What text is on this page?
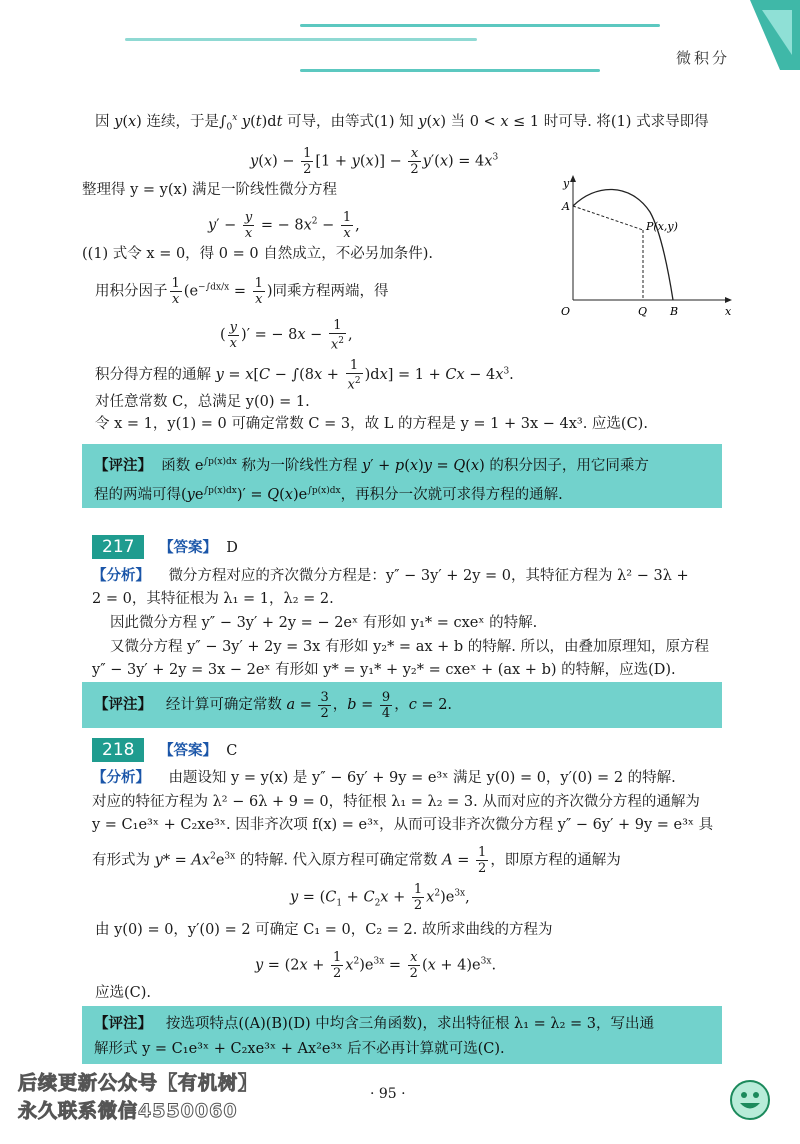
微积分
因 y(x) 连续，于是$\int_0^x$ y(t)dt 可导，由等式(1) 知 y(x) 当 0 < x ≤ 1 时可导. 将(1) 式求导即得
$y(x) - \frac{1}{2} [1 + y(x)] - \frac{x}{2} y'(x) = 4x^3$
整理得 y = y(x) 满足一阶线性微分方程
$y' - \frac{y}{x}$ = − $8x^2 - \frac{1}{x}$ ,
((1) 式令 x = 0，得 0 = 0 自然成立，不必另加条件).
用积分因子 $\frac{1}{x} (e^{-\int dx/x} = \frac{1}{x}$ )同乘方程两端，得
( $\frac{y}{x}$ )′ = − $8x - \frac{1}{x^2}$ ,
积分得方程的通解 $y = x[C - \int(8x + \frac{1}{x^2} )dx] = 1 + Cx - 4x^3$.
对任意常数 C，总满足 y(0) = 1.
令 x = 1，y(1) = 0 可确定常数 C = 3，故 L 的方程是 y = 1 + 3x − 4x³. 应选(C).
y
x
O
A
P(x,y)
Q B
【评注】  函数 $e^{\int p(x)dx}$ 称为一阶线性方程 y′ + p(x)y = Q(x) 的积分因子，用它同乘方
程的两端可得$(ye^{\int p(x)dx})' = Q(x)e^{\int p(x)dx}$，再积分一次就可求得方程的通解.
217 【答案】 D
【分析】 微分方程对应的齐次微分方程是：y″ − 3y′ + 2y = 0，其特征方程为 λ² − 3λ +
2 = 0，其特征根为 λ₁ = 1，λ₂ = 2.
因此微分方程 y″ − 3y′ + 2y = − 2eˣ 有形如 y₁* = cxeˣ 的特解.
又微分方程 y″ − 3y′ + 2y = 3x 有形如 y₂* = ax + b 的特解. 所以，由叠加原理知，原方程
y″ − 3y′ + 2y = 3x − 2eˣ 有形如 y* = y₁* + y₂* = cxeˣ + (ax + b) 的特解，应选(D).
【评注】   经计算可确定常数 $a = \frac{3}{2}$ ，$b = \frac{9}{4}$ ，c = 2.
218 【答案】 C
【分析】 由题设知 y = y(x) 是 y″ − 6y′ + 9y = e³ˣ 满足 y(0) = 0，y′(0) = 2 的特解.
对应的特征方程为 λ² − 6λ + 9 = 0，特征根 λ₁ = λ₂ = 3. 从而对应的齐次微分方程的通解为
y = C₁e³ˣ + C₂xe³ˣ. 因非齐次项 f(x) = e³ˣ，从而可设非齐次微分方程 y″ − 6y′ + 9y = e³ˣ 具
有形式为 $y* = Ax^2e^{3x}$ 的特解. 代入原方程可确定常数 $A = \frac{1}{2}$ ，即原方程的通解为
$y = (C_1 + C_2x + \frac{1}{2} x^2)e^{3x}$,
由 y(0) = 0，y′(0) = 2 可确定 C₁ = 0，C₂ = 2. 故所求曲线的方程为
$y = (2x + \frac{1}{2} x^2)e^{3x} = \frac{x}{2} (x + 4)e^{3x}$.
应选(C).
【评注】 按选项特点((A)(B)(D) 中均含三角函数)，求出特征根 λ₁ = λ₂ = 3，写出通
解形式 y = C₁e³ˣ + C₂xe³ˣ + Ax²e³ˣ 后不必再计算就可选(C).
后续更新公众号【有机树】
永久联系微信4550060
· 95 ·
